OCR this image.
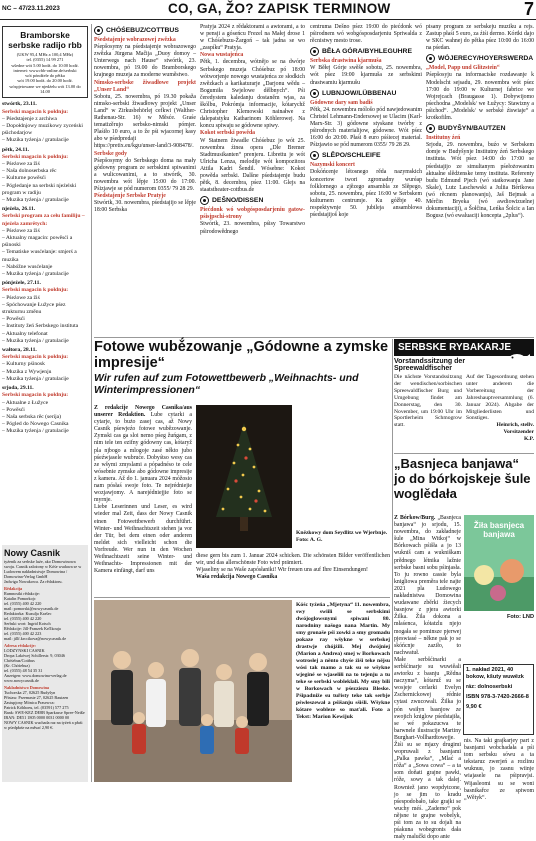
NC – 47/23.11.2023	CO, GA, ŽO? ZAPISK TERMINOW	7
Bramborske serbske radijo rbb

(UKW 95,4 MHz a 100,4 MHz)

tel. (0355) 14 99 271

wšedne wót 5.00 hodź. do 10.00 hodź.

internet: www.rbb-online.de/serbski

wót póndźele do pětka

wót 19.00 hodź. do 20.00 hodź.

wóspjetowane we njedźelu wót 13.00 do 14.00

stwórtk, 23.11.
Serbski magacin k połdnju:
– Pśedstajenje z archiwa
– Dopołdnjowy muzikowy zyceński pśichodarjow
– Muzika tyźenja / gratulacije
pětk, 24.11.
Serbski magacin k połdnju:
– Pśeźowe za žiś
– Naša dolnoserbska rěc
– Kulturne powěsći
– Pógledanje na serbski njeźelski program w radiju
– Muzika tyźenja / gratulacije
njeźela, 26.11.
Serbski program za cełu familiju – njeźela zamrětych:
– Pśeźowe za žiś
– Aktualny magacin: powěsći a pśinoski
– Tematiske wusćelanje: smjerś a muzika
– Nabóžne wusćelanje
– Muzika tyźenja / gratulacije
pónjeźele, 27.11.
Serbski magacin k połdnju:
– Pśeźowe za žiś
– Spóchowanje Łužyce pśez strukturnu změnu
– Powěsći
– Instituty žeń Serbskego instituta
– Aktualny telefonat
– Muzika tyźenja / gratulacije
wałtora, 28.11.
Serbski magacin k połdnju:
– Kulturny pśinosk
– Muzika z Wywjenju
– Muzika tyźenja / gratulacije
srjoda, 29.11.
Serbski magacin k połdnju:
– Aktualne z Łužyce
– Powěsći
– Naša serbska rěc (serija)
– Pógled do Nowego Casnika
– Muzika tyźenja / gratulacije
Nowy Casnik

tyźenik za serbske luźe, ako Domowinowa swoju. Casnik zalożony w Kóśe wudawa se w Ludowem nakładnistwje Domowina / Domowina-Verlag GmbH

Jadwiga Nowakowa. Za rědaktoru.

Rědakcija

Rumnostki rědakcije:

Katalin Pomorkojc

tel. (0355) 400 42 220

mail: pomorski@nowycasnik.de

Redaktorka: Kuzulja Krašec

tel. (0355) 400 42 220

Serbski wort: Ingrid Kotsch

Rědakcije: Jill-Franzek Krčlkouja

tel. (0355) 400 42 223

mail: jillf.krccikova@nowycasnik.de

Adresa rědakcije:

LODZYNSKI CASNIK

Dropa Lakówej Schillerstr. 9, 03046 Chóśebuz/Cottbus

(Kr. Chóśebuz)

tel. (0355) 48 54 35 31

Anzeigen: www.domowina-verlag.de

www.nowycasnik.de

Nakładnistwo Domowina

Tuchorska 27, 02625 Budyšyn

Přistaw. Przemaste 27, 02625 Bautzen

Zastupjony Mónica Prasewca:

Patrick Kóhhoeu, tel. (03591) 577 275

Bank: SWE-KEZ DE8B Sparkasse Spree-Neiße

IBAN: DE51 1805 0000 0031 0000 00

NOWY CASNIK wuchada raz na tyźeń a płaśi w pśedpłaśe na měsać 2,90 €.

CHÓŚEBUZ/COTTBUS
Pśedstajenje wobrazowej zwězka

Pśepšosymy na pśedstajenje wobrazowego zwězka Jürgena Mačija „Duoy domoy – Unterwegs nach Hause“ stwórtk, 23. nowembra, pó 19.00 do Bramborskego krajnego muzeja za moderne wuměstwo.

Nimsko-serbske žiwadłowe projekt „Unser Land“

Sobotu, 25. nowembra, pó 19.30 pokaža nimsko-serbski žiwadłowy projekt „Unser Land“ w Zirkusbehörlej cefkwi (Walther-Rathenau-Str. 16) w Měsće. Graśe tematizěrujo serbsko-nimski pómjer. Plaśiło 10 euro, a to že pśi wjacornej kasy abo w pśedpredaji

https://pretix.eu/kgu/unser-land/3-908478/.

Serbske gody

Pśepšosymy do Serbskego doma na mały gódowny program ze serbskimi spiwanimi a wulicowanimi, a to stwórtk, 30. nowembra wót lěpje 15:00 do 17:00. Pśizjawje se pód numerom 0355/ 79 28 29.

Pśedstajenje Serbske Pratyje

Stwórtk, 30. nowembra, pśedstajijo se lěpje 18:00 Serbska

Pratyja 2024 z rědaktorami a awtorami, a to w pensji a góseńcu Frezel na Małej drose 1 w Chóśebuzu-Žargoń – tak jadna se wo „zaspíku“ Pratyja.

Nowa wustajeńca

Pětk, 1. decembra, wótnějo se na dwórje Serbskego muzeja Chóśebuz pó 18:00 wótworjenje nowego wustajeńca ze słodkich zwězkach a karikaturarje „Darjonu wědu – Bogumiła Swjelowe dělbnych“. Pśi čeredystem kaledanju dostaněm wjas, za škólbu, Pokrómja informacije, kótarychž Christopher Klemowski nainałwe z dalepatstyku Katharinom Köhlerowej. Na koncu spiwaju se gódowne spiwy.

Kokot serbski powěda

W Statnem žiwadle Chóśebuz jo wót 25. nowembra źinea opera „Dle Bremer Stadtmusikanten“ prenjeru. Librettu je wót Ulricha Lenza, melodije wót kompozitora Attila Kadri Šendil. Wósebne: Kokot powěda serbski. Dalšne pśedstajenje budu pětk, 8. decembra, pśez 11:00. Glejs na staatstheater-cottbus.de

DEŠNO/DISSEN
Piećdonk wó wobgósposdarjeniu gatow-pśisjpschi-strony

Stwórtk, 23. nowembra, pśisy Towarstwo pśirodowědnego

centruma Dešno pśez 19:00 do piećdonk wó pśirodnem wó wobgósposdarjeniu Spriwalda z rěcnistwy mesto trose.

BĚŁA GÓRA/BYHLEGUHRE
Serbska drastwina kjarmuša

W Běłej Górje swěše sobotu, 25. nowembra, wót pśez 19:00 kjarmuša ze serbskimi drastwamiu kjarmušu

LUBNJOW/LÜBBENAU
Gódowne dary sam badiś

Pětk, 24. nowembra mólošo pód nawjedowanim Christel Lehmann-Endersowej se Ulacim (Karl-Marx-Str. 3) gódowne styskane twórby z pśirodnych materialijow, gódowne. Wót pśez 16:00 do 20:00. Płaśi 8 euro pśśiecej material. Pśizjawio se pód numerom 0355/ 79 28 29.

SLĚPO/SCHLEIFE
Nazymski koncert

Dokóńcenje létosnego rěda nazymskich koncertow twori zgromadny wuréap folklornego a zjězego ansambla ze Slěpego, sobotu, 25. nowembra, pśez 16:00 w Serbskem kulturnem centrumje. Ku góžbje 40. respektywnje 50. jubileja ansamblowa pśedstajijoš koje

pisany program ze serbskeju muziku a rejs. Zastup płaśi 5 euro, za źiśi dermo. Kórtki dajo w SKC wahnej do pětka pśez 10:00 do 16:00 na pśedan.

WÓJERECY/HOYERSWERDA
„Model, Papp und Glitzstein“

Pśepšosyju na informaciske rozdawanje k Modelscht sejsadu, 29. nowembra wót pśez 17:00 do 19:00 w Kulturnej fabrice we Wojrejcach (Braugasse 1). Dobywijomo pśechodna „Modelsk/ we Łužycy: Stawizny a pśichod“. „Modelsk/ w serbské źiswiaje“ a krotkofilm.

BUDYŠYN/BAUTZEN
Institutny źeń

Srjodu, 29. nowembra, buźo w Serbskem domje w Budyšynje Institutny źeń Serbskego instituta. Wót pśez 14:00 do 17:00 se pśedstajijo ze simultanym pśełożowanim aktualne slědżenske temy instituta. Referenty budu Edmund Pjech (wó statkowanju Jane Skale), Lutz Laschewski a Juliia Bérikowa (wó rěcnem planowanju), Jaš Bejmak a Mérčin Bryeka (wó awdiowizuelnej dokumentaciji), a Šołčina, Leńka Šolcic a Ian Bogusz (wó ewaluaciji koncepta „2plus“).

Fotowe wubě́zowanje „Gódowne a zymske impresije“
Wir rufen auf zum Fotowettbewerb „Weihnachts- und Winterimpressionen“
Z redakcije Nowego Casnika/aus unserer Redaktion. Lube cytarki a cytarje, to bużo zasej cas, až Nowy Casnik pśewjeźo fotowe wubězowanje. Zymski cas ga sloi nemo pśeg žuńgam, z nim tele ten ezifny gódowny cas, kótaryž pla njbogo a mlogoje zasé někto jubo pśeźwjasele wubruće. Dobyśtso wesy cas ze wšymi zmyslami a pópadnéso te cele wósebnie zymske abo gódowne impresije z kamera. Až do 1. januara 2024 móžosio nam pósłaś swoje foto. Te nejrédniejie wozjawjomy. A narejédniejjie foto se myrnje.
Liebe Leserinnen und Leser, es wird wieder mal Zeit, dass der Nowy Casnik einen Fotowettbewerb durchführt. Winter- und Weihnachtszeit stehen ja vor der Tür, bei dem einen oder anderen meldet sich vielleicht schon die Vorfreude. Wer nun in den Wochen Weihnachtszeit seine Winter- und Weihnachts- Impressionen mit der Kamera einfängt, darf uns

Knězkowy dom Seydlitz we Wjerbnje. Foto: A. G.
diese gern bis zum 1. Januar 2024 schicken. Die schönsten Bilder veröffentlichen wir, und das allerschönste Foto wird prämiert.
Wjaseliny se na Waše zapósłaniki! Wir freuen uns auf Ihre Einsendungen!
Waša redakcija Nowego Casnika
Kóśc tyźeńa „Mjetyna“ 11. nowembra, swy swiili se serbskimi dwójoglowsnymi spiwani 80. narodniny našogo nana Martin. My smy gronaše pśi zowki a smy gromadu pokaze ray wšykne w serbskej drastwje chójźili. Mej dwójniej (Marion a Andrea) smej w Borkowach wotrosłej a něnto chyśe źiśi teke nějsu wósi tak mamo a tak su se wšykne wjeginé se wjaseliłi na to tejenju a tu teke se serbski wobleklali. My smy bili w Borkowach w pśezziezu Bleske. Pśipadniže su tuřisty teke tak serbje pśwłeszewał a pśišanju sšiśli. Wšykne kótare wobleze so maťali. Foto a Tekst: Marion Kewijuk
SERBSKE RYBAKARJE
Vorstandssitzung der Spreewaldfischer

Die nächste Vorstandssitzung der wendischen/sorbischen Spreewaldfischer Burg und Umgebung findet am Donnerstag, den 30. November, um 19:00 Uhr im Sportlerheim Schmogrow statt.

Auf der Tagesordnung stehen unter anderem die Vorbereitung der Jahreshauptversammlung (6. Januar 2024). Abgabe der Mitgliederlisten und Sonstiges.

Heinrich, stellv. Vorsitzender

K.P.

„Basnjeca banjawa“ jo do bórkojskeje šule woglědała
Z Bórkow/Burg. „Basnjeca banjawa“ jo srjodu, 15. nowembra, do zakładneje šule „Mina Witkoj“ w Bórkowach pśišła a jo 13 wukniš cam a wukniškam prědnego létnika lažnie serbske basni sobu pśinjasła. To ju rowno cassie byla knigliowa preměra tele najte 2021 pla Ludowego nakładnistwa Domowina wudawane zběrki źiecych basnjow z pjera awtorki Žilka. Žila dokona a młaśenca, kótatzlu njejo mogała se pominsze pjerwej pjeswiasé – někne pak jo se skóńcnje zaziło, to nachwatuł.
Małe serbšćinarki a serbšćinarje su wuwiěali awtorku z basnju „Rědna naczyma“, kótaruž su se wosjeje cerlarki Evelyn Zschernickowej rédnie cytasi zwucowali. Žilka jo pón wsiłyn basnjow ze swojich kniglow pśedstajiła, se wé pokazucwa te barwnele ilustracije Martiny Burghart-Vollhardtowejje. Žiśi su se mjazy drugimi wopruwali z basnjami „Palka pawka“, „Mlać a róža“ a „Sowa cowa“ – a ta som doňati grajne pawki, róže, sowy a tak dalej. Rowniež jano wopdytcone, jo se jim to kradu pśespodobało, take grajki se wuchy méś. „Zaderno“ pok nějsne te grajne wobelyk, pśi tom za to su dojali na pśakuna wobegronis dała mały malučki dopo anie

Žiła basnjeca banjawa
Foto: LND

1. nakład 2021, 40 bokow, kšuty wuwězk

ráz: dolnoserbski

ISBN 978-3-7420-2666-8

9,90 €

nis. Na taki grajkarjey part z basnjami wobchadała a pśi tom serbsku sówu a ta tekstaruz zwerjeń a rozlinu wuknuu, jo zasnu wiinje wiajasele na pśipravjsi. Wijasleomi su se woni basnikařce ze spiwom „Wětyk“.
